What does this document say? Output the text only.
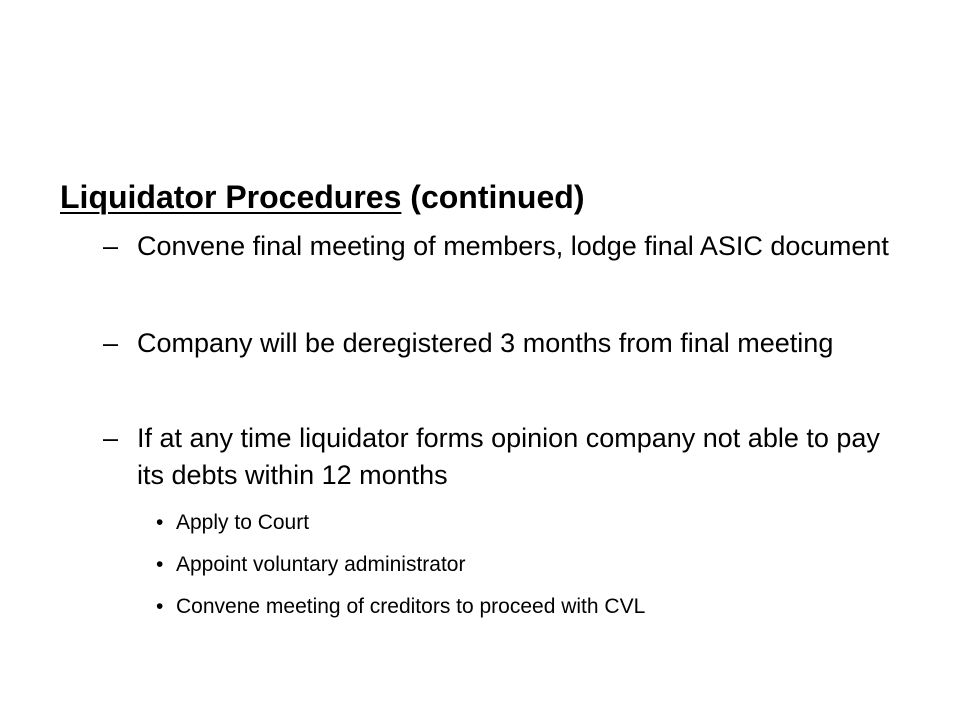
Liquidator Procedures (continued)
– Convene final meeting of members, lodge final ASIC document
– Company will be deregistered 3 months from final meeting
– If at any time liquidator forms opinion company not able to pay its debts within 12 months
• Apply to Court
• Appoint voluntary administrator
• Convene meeting of creditors to proceed with CVL
